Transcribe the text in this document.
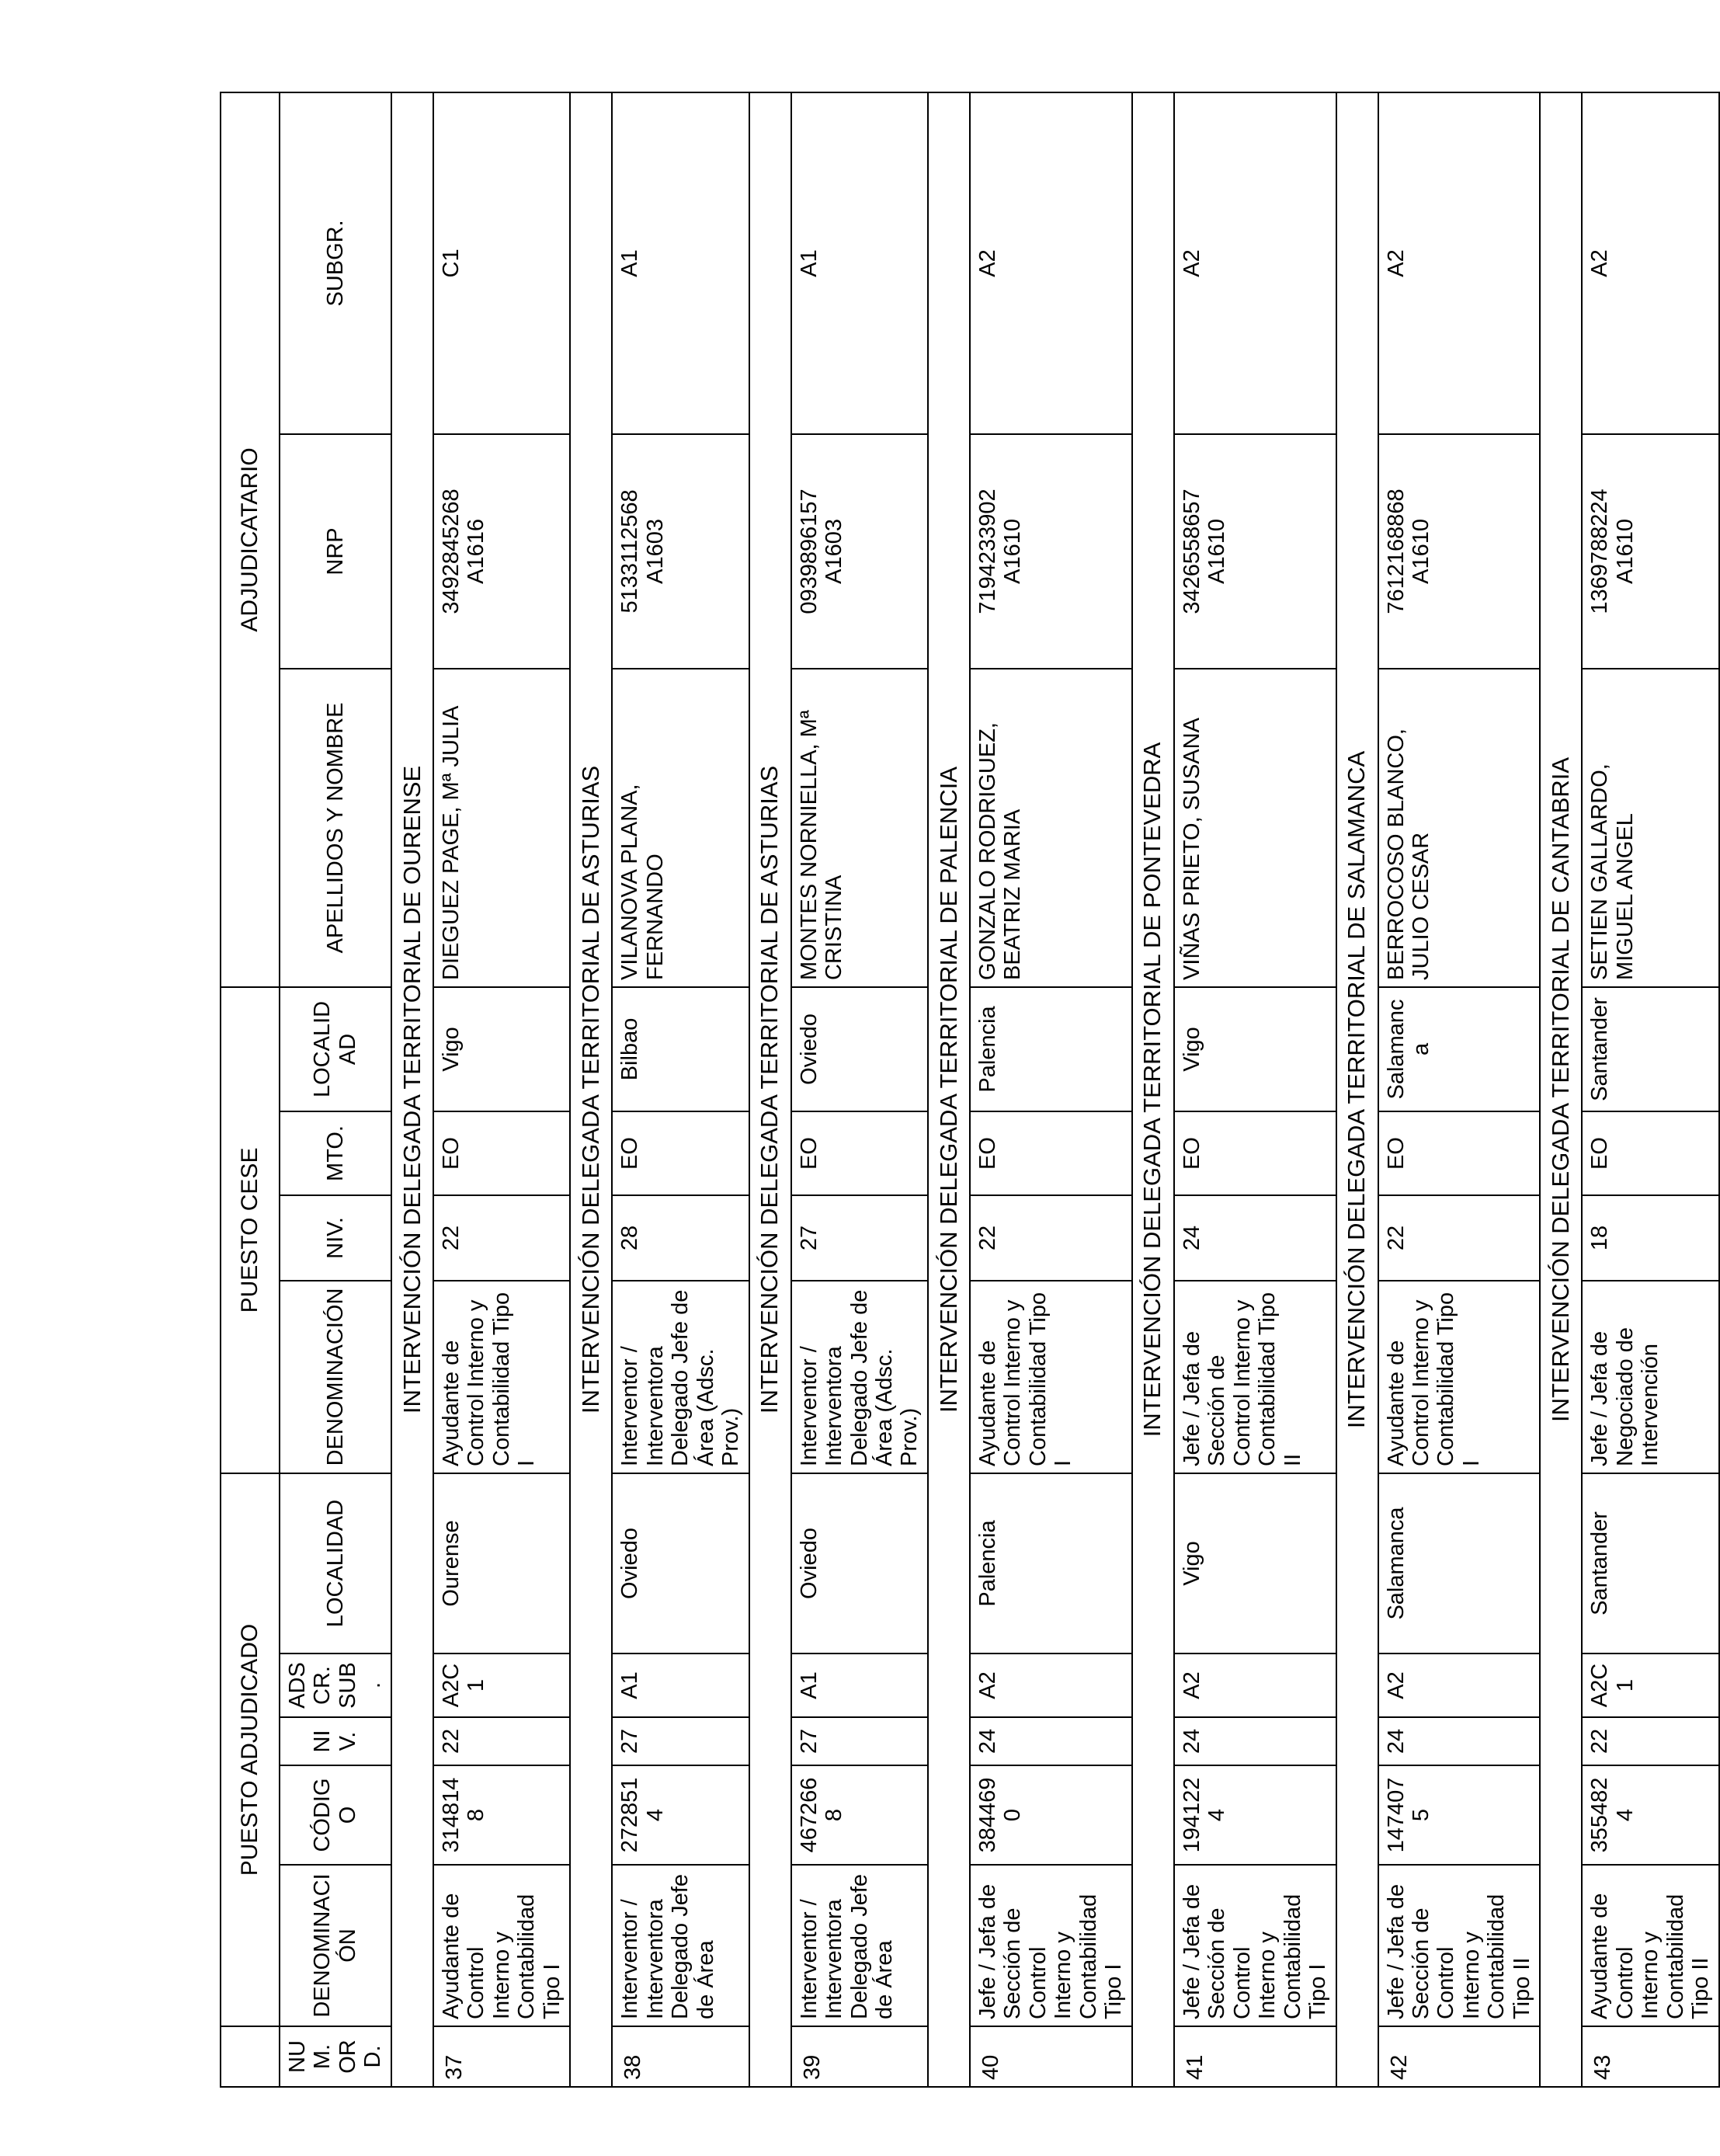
	PUESTO ADJUDICADO					PUESTO CESE				ADJUDICATARIO		
NUM. ORD.	DENOMINACIÓN	CÓDIGO	NIV.	ADSCR. SUB.	LOCALIDAD	DENOMINACIÓN	NIV.	MTO.	LOCALIDAD	APELLIDOS Y NOMBRE	NRP	SUBGR.
INTERVENCIÓN DELEGADA TERRITORIAL DE OURENSE												
37	Ayudante de Control Interno y Contabilidad Tipo I	3148148	22	A2C1	Ourense	Ayudante de Control Interno y Contabilidad Tipo I	22	EO	Vigo	DIEGUEZ PAGE, Mª JULIA	3492845268 A1616	C1
INTERVENCIÓN DELEGADA TERRITORIAL DE ASTURIAS												
38	Interventor / Interventora Delegado Jefe de Área	2728514	27	A1	Oviedo	Interventor / Interventora Delegado Jefe de Área (Adsc. Prov.)	28	EO	Bilbao	VILANOVA PLANA, FERNANDO	5133112568 A1603	A1
INTERVENCIÓN DELEGADA TERRITORIAL DE ASTURIAS												
39	Interventor / Interventora Delegado Jefe de Área	4672668	27	A1	Oviedo	Interventor / Interventora Delegado Jefe de Área (Adsc. Prov.)	27	EO	Oviedo	MONTES NORNIELLA, Mª CRISTINA	0939896157 A1603	A1
INTERVENCIÓN DELEGADA TERRITORIAL DE PALENCIA												
40	Jefe / Jefa de Sección de Control Interno y Contabilidad Tipo I	3844690	24	A2	Palencia	Ayudante de Control Interno y Contabilidad Tipo I	22	EO	Palencia	GONZALO RODRIGUEZ, BEATRIZ MARIA	7194233902 A1610	A2
INTERVENCIÓN DELEGADA TERRITORIAL DE PONTEVEDRA												
41	Jefe / Jefa de Sección de Control Interno y Contabilidad Tipo I	1941224	24	A2	Vigo	Jefe / Jefa de Sección de Control Interno y Contabilidad Tipo II	24	EO	Vigo	VIÑAS PRIETO, SUSANA	3426558657 A1610	A2
INTERVENCIÓN DELEGADA TERRITORIAL DE SALAMANCA												
42	Jefe / Jefa de Sección de Control Interno y Contabilidad Tipo II	1474075	24	A2	Salamanca	Ayudante de Control Interno y Contabilidad Tipo I	22	EO	Salamanca	BERROCOSO BLANCO, JULIO CESAR	7612168868 A1610	A2
INTERVENCIÓN DELEGADA TERRITORIAL DE CANTABRIA												
43	Ayudante de Control Interno y Contabilidad Tipo II	3554824	22	A2C1	Santander	Jefe / Jefa de Negociado de Intervención	18	EO	Santander	SETIEN GALLARDO, MIGUEL ANGEL	1369788224 A1610	A2
